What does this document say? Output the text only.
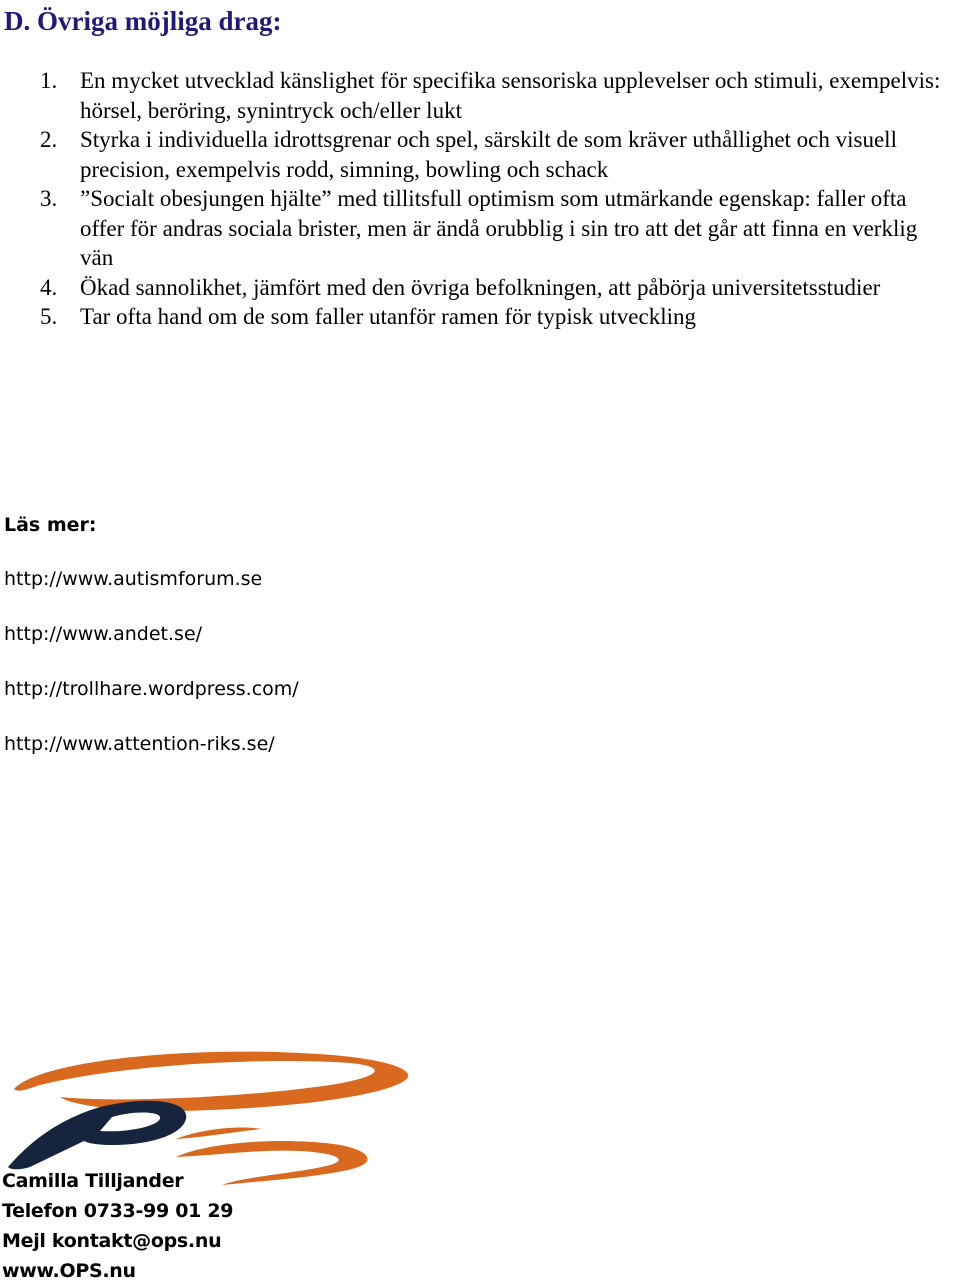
D. Övriga möjliga drag:
1. En mycket utvecklad känslighet för specifika sensoriska upplevelser och stimuli, exempelvis: hörsel, beröring, synintryck och/eller lukt
2. Styrka i individuella idrottsgrenar och spel, särskilt de som kräver uthållighet och visuell precision, exempelvis rodd, simning, bowling och schack
3. ”Socialt obesjungen hjälte” med tillitsfull optimism som utmärkande egenskap: faller ofta offer för andras sociala brister, men är ändå orubblig i sin tro att det går att finna en verklig vän
4. Ökad sannolikhet, jämfört med den övriga befolkningen, att påbörja universitetsstudier
5. Tar ofta hand om de som faller utanför ramen för typisk utveckling
Läs mer:
http://www.autismforum.se
http://www.andet.se/
http://trollhare.wordpress.com/
http://www.attention-riks.se/
Camilla Tilljander
Telefon 0733-99 01 29
Mejl kontakt@ops.nu
www.OPS.nu
